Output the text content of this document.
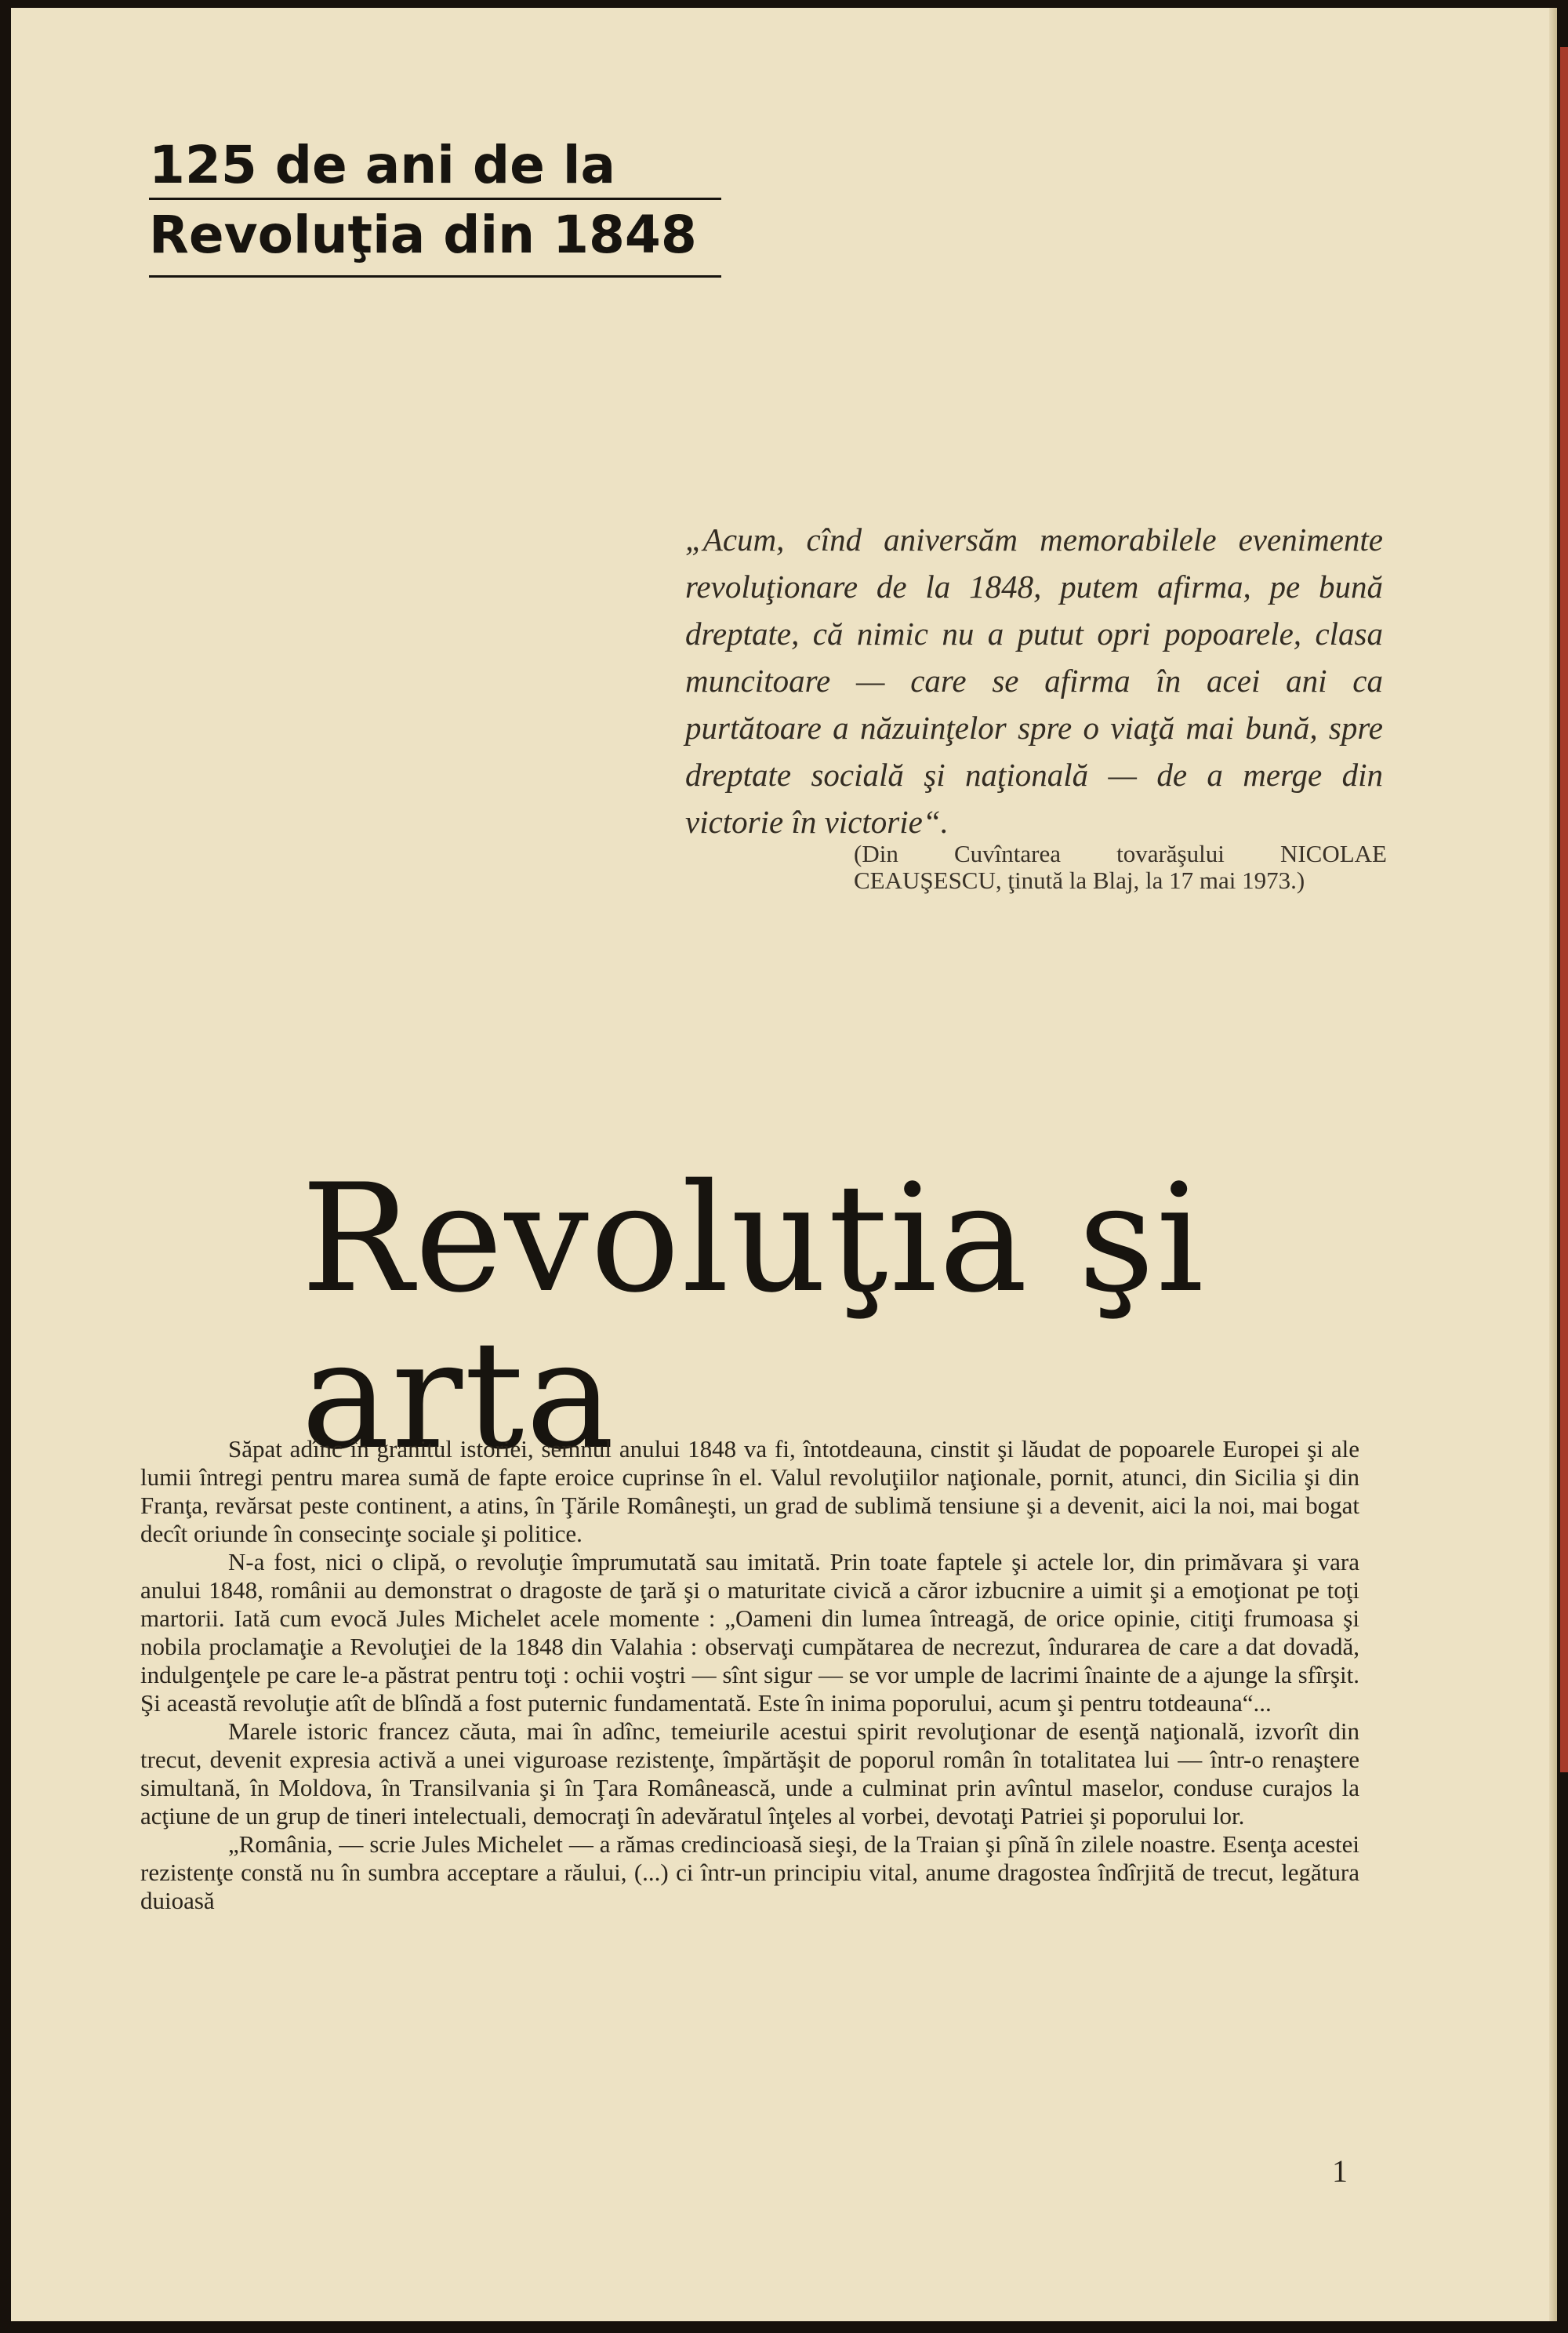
125 de ani de la
Revoluţia din 1848
„Acum, cînd aniversăm memorabilele evenimente revoluţionare de la 1848, putem afirma, pe bună dreptate, că nimic nu a putut opri popoarele, clasa muncitoare — care se afirma în acei ani ca purtătoare a năzuinţelor spre o viaţă mai bună, spre dreptate socială şi naţională — de a merge din victorie în victorie“.
(Din Cuvîntarea tovarăşului NICOLAE CEAUŞESCU, ţinută la Blaj, la 17 mai 1973.)
Revoluţia şi arta

Săpat adînc în granitul istoriei, semnul anului 1848 va fi, întotdeauna, cinstit şi lăudat de popoarele Europei şi ale lumii întregi pentru marea sumă de fapte eroice cuprinse în el. Valul revoluţiilor naţionale, pornit, atunci, din Sicilia şi din Franţa, revărsat peste continent, a atins, în Ţările Româneşti, un grad de sublimă tensiune şi a devenit, aici la noi, mai bogat decît oriunde în consecinţe sociale şi politice.

N-a fost, nici o clipă, o revoluţie împrumutată sau imitată. Prin toate faptele şi actele lor, din primăvara şi vara anului 1848, românii au demonstrat o dragoste de ţară şi o maturitate civică a căror izbucnire a uimit şi a emoţionat pe toţi martorii. Iată cum evocă Jules Michelet acele momente : „Oameni din lumea întreagă, de orice opinie, citiţi frumoasa şi nobila proclamaţie a Revoluţiei de la 1848 din Valahia : observaţi cumpătarea de necrezut, îndurarea de care a dat dovadă, indulgenţele pe care le-a păstrat pentru toţi : ochii voştri — sînt sigur — se vor umple de lacrimi înainte de a ajunge la sfîrşit. Şi această revoluţie atît de blîndă a fost puternic fundamentată. Este în inima poporului, acum şi pentru totdeauna“...

Marele istoric francez căuta, mai în adînc, temeiurile acestui spirit revoluţionar de esenţă naţională, izvorît din trecut, devenit expresia activă a unei viguroase rezistenţe, împărtăşit de poporul român în totalitatea lui — într-o renaştere simultană, în Moldova, în Transilvania şi în Ţara Românească, unde a culminat prin avîntul maselor, conduse curajos la acţiune de un grup de tineri intelectuali, democraţi în adevăratul înţeles al vorbei, devotaţi Patriei şi poporului lor.

„România, — scrie Jules Michelet — a rămas credincioasă sieşi, de la Traian şi pînă în zilele noastre. Esenţa acestei rezistenţe constă nu în sumbra acceptare a răului, (...) ci într-un principiu vital, anume dragostea îndîrjită de trecut, legătura duioasă

1
